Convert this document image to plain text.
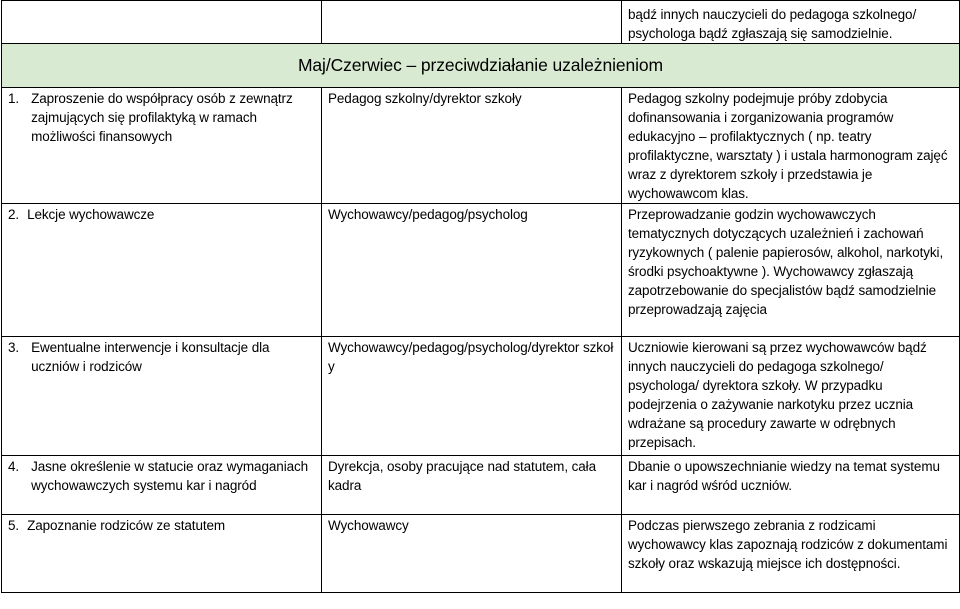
		bądź innych nauczycieli do pedagoga szkolnego/ psychologa bądź zgłaszają się samodzielnie.

Maj/Czerwiec – przeciwdziałanie uzależnieniom		

1. Zaproszenie do współpracy osób z zewnątrz zajmujących się profilaktyką w ramach możliwości finansowych	Pedagog szkolny/dyrektor szkoły	Pedagog szkolny podejmuje próby zdobycia dofinansowania i zorganizowania programów edukacyjno – profilaktycznych ( np. teatry profilaktyczne, warsztaty ) i ustala harmonogram zajęć wraz z dyrektorem szkoły i przedstawia je wychowawcom klas.

2. Lekcje wychowawcze	Wychowawcy/pedagog/psycholog	Przeprowadzanie godzin wychowawczych tematycznych dotyczących uzależnień i zachowań ryzykownych ( palenie papierosów, alkohol, narkotyki, środki psychoaktywne ). Wychowawcy zgłaszają zapotrzebowanie do specjalistów bądź samodzielnie przeprowadzają zajęcia

3. Ewentualne interwencje i konsultacje dla uczniów i rodziców	Wychowawcy/pedagog/psycholog/dyrektor szkoły	Uczniowie kierowani są przez wychowawców bądź innych nauczycieli do pedagoga szkolnego/ psychologa/ dyrektora szkoły. W przypadku podejrzenia o zażywanie narkotyku przez ucznia wdrażane są procedury zawarte w odrębnych przepisach.

4. Jasne określenie w statucie oraz wymaganiach wychowawczych systemu kar i nagród	Dyrekcja, osoby pracujące nad statutem, cała kadra	Dbanie o upowszechnianie wiedzy na temat systemu kar i nagród wśród uczniów.

5. Zapoznanie rodziców ze statutem	Wychowawcy	Podczas pierwszego zebrania z rodzicami wychowawcy klas zapoznają rodziców z dokumentami szkoły oraz wskazują miejsce ich dostępności.
